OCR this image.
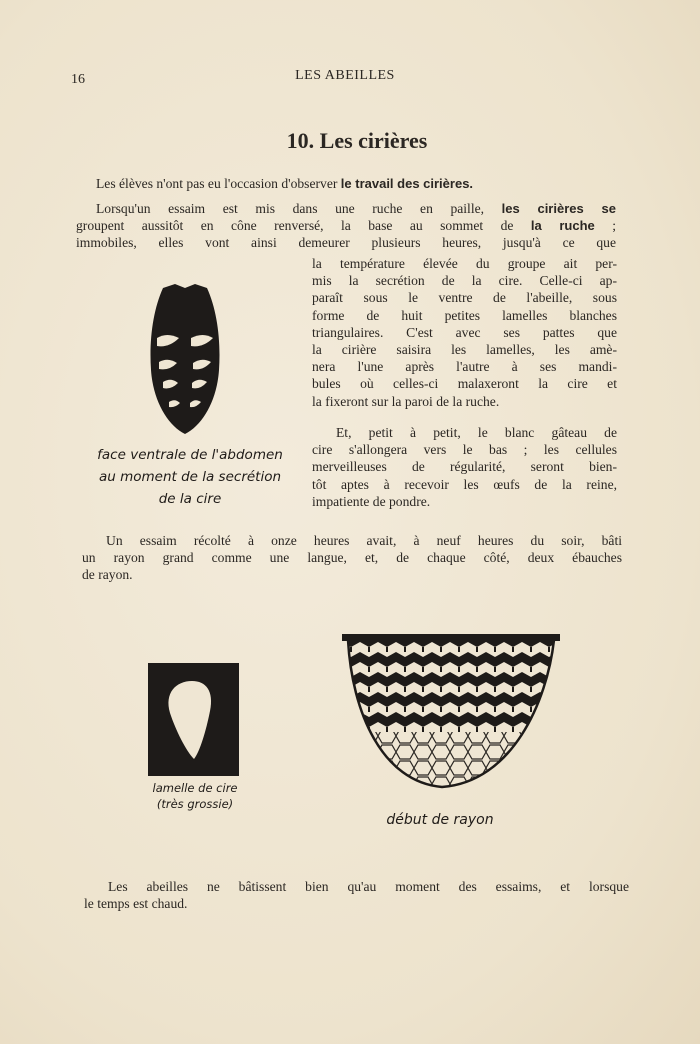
16	LES ABEILLES
10. Les cirières
Les élèves n'ont pas eu l'occasion d'observer le travail des cirières.
Lorsqu'un essaim est mis dans une ruche en paille, les cirières se
groupent aussitôt en cône renversé, la base au sommet de la ruche ;
immobiles, elles vont ainsi demeurer plusieurs heures, jusqu'à ce que
la température élevée du groupe ait per-
mis la secrétion de la cire. Celle-ci ap-
paraît sous le ventre de l'abeille, sous
forme de huit petites lamelles blanches
triangulaires. C'est avec ses pattes que
la cirière saisira les lamelles, les amè-
nera l'une après l'autre à ses mandi-
bules où celles-ci malaxeront la cire et
la fixeront sur la paroi de la ruche.
Et, petit à petit, le blanc gâteau de
cire s'allongera vers le bas ; les cellules
merveilleuses de régularité, seront bien-
tôt aptes à recevoir les œufs de la reine,
impatiente de pondre.
Un essaim récolté à onze heures avait, à neuf heures du soir, bâti
un rayon grand comme une langue, et, de chaque côté, deux ébauches
de rayon.
Les abeilles ne bâtissent bien qu'au moment des essaims, et lorsque
le temps est chaud.
face ventrale de l'abdomen
au moment de la secrétion
de la cire
lamelle de cire
(très grossie)
début de rayon
